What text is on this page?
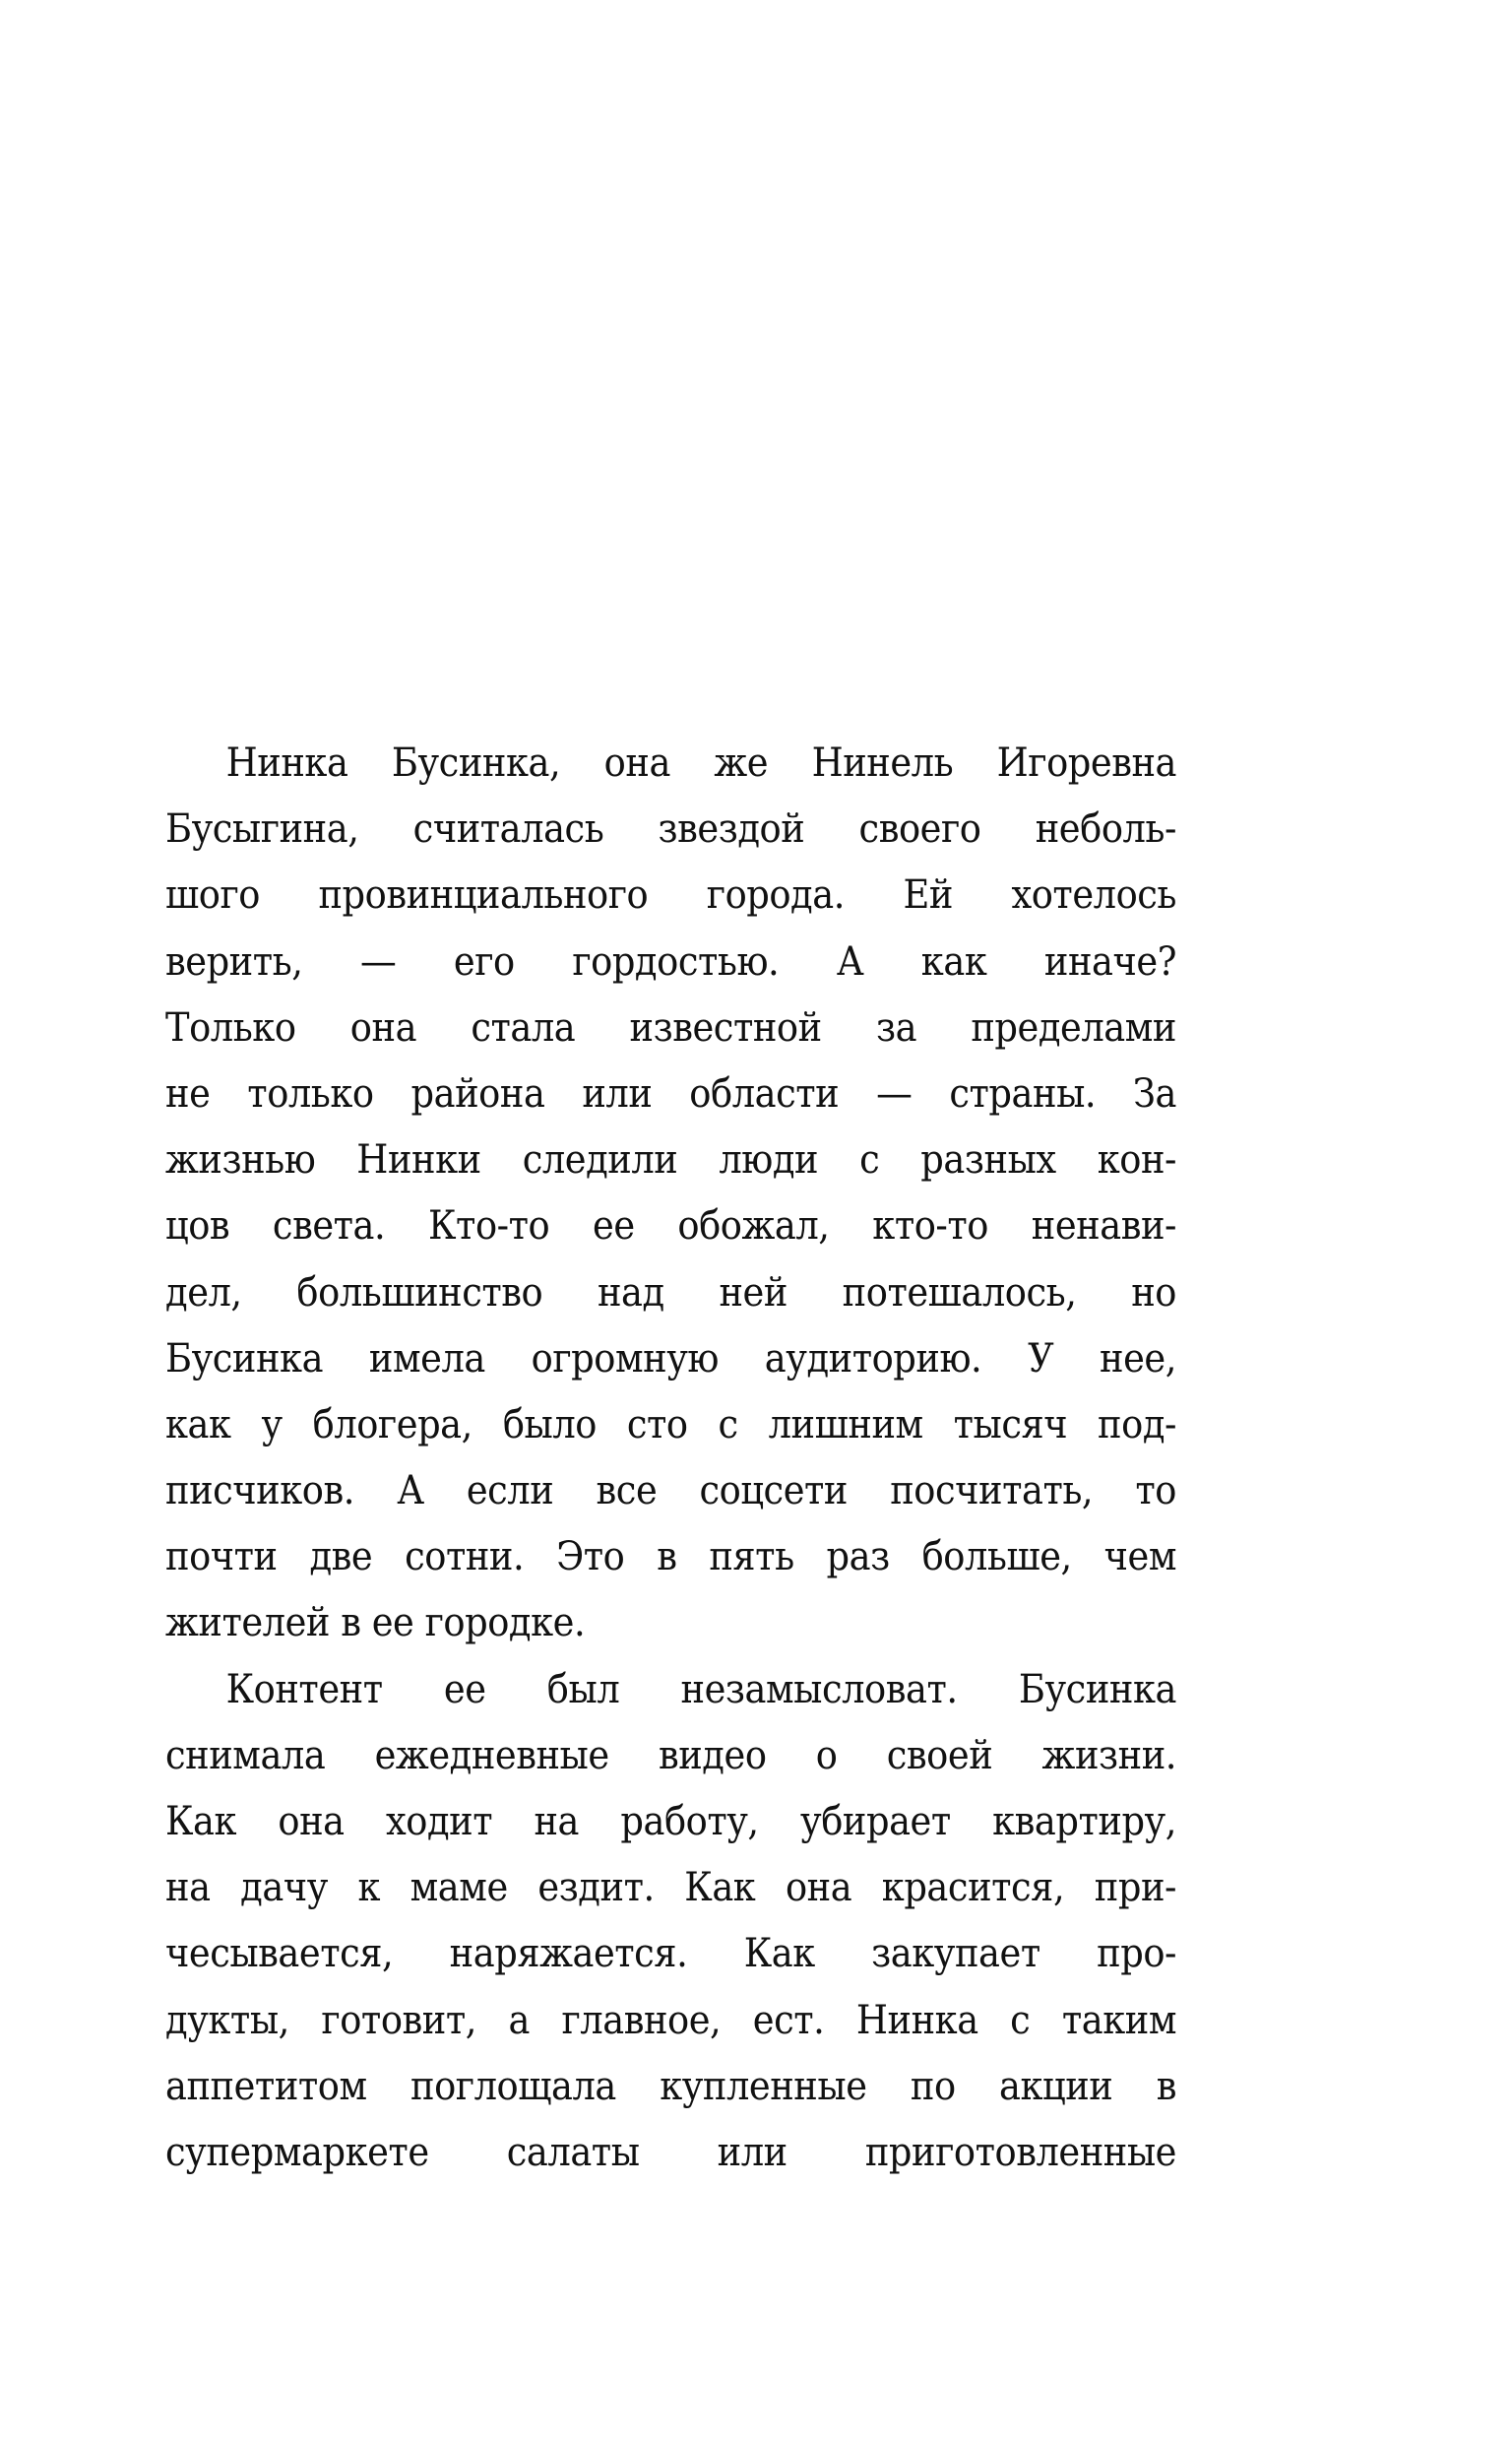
Нинка Бусинка, она же Нинель Игоревна
Бусыгина, считалась звездой своего неболь-
шого провинциального города. Ей хотелось
верить, — его гордостью. А как иначе?
Только она стала известной за пределами
не только района или области — страны. За
жизнью Нинки следили люди с разных кон-
цов света. Кто-то ее обожал, кто-то ненави-
дел, большинство над ней потешалось, но
Бусинка имела огромную аудиторию. У нее,
как у блогера, было сто с лишним тысяч под-
писчиков. А если все соцсети посчитать, то
почти две сотни. Это в пять раз больше, чем
жителей в ее городке.
Контент ее был незамысловат. Бусинка
снимала ежедневные видео о своей жизни.
Как она ходит на работу, убирает квартиру,
на дачу к маме ездит. Как она красится, при-
чесывается, наряжается. Как закупает про-
дукты, готовит, а главное, ест. Нинка с таким
аппетитом поглощала купленные по акции в
супермаркете салаты или приготовленные
